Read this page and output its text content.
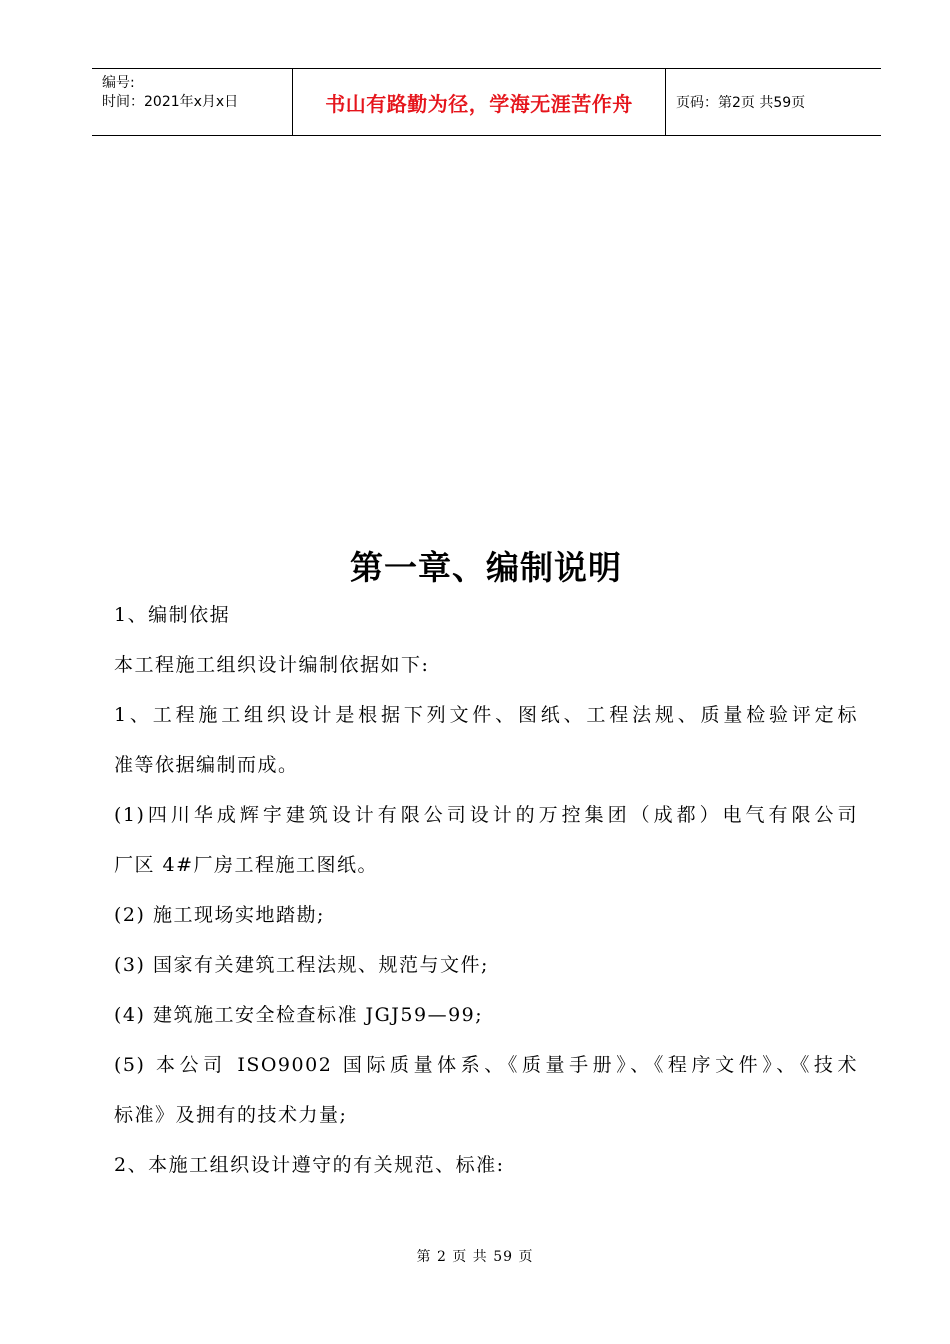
编号:
时间：2021年x月x日	书山有路勤为径，学海无涯苦作舟	页码：第2页 共59页
第一章、编制说明
1、编制依据
本工程施工组织设计编制依据如下:
1、工程施工组织设计是根据下列文件、图纸、工程法规、质量检验评定标
准等依据编制而成。
(1)四川华成辉宇建筑设计有限公司设计的万控集团（成都）电气有限公司
厂区 4#厂房工程施工图纸。
(2) 施工现场实地踏勘;
(3) 国家有关建筑工程法规、规范与文件;
(4) 建筑施工安全检查标准 JGJ59—99;
(5) 本公司 ISO9002 国际质量体系、《质量手册》、《程序文件》、《技术
标准》及拥有的技术力量;
2、本施工组织设计遵守的有关规范、标准:
第 2 页 共 59 页
